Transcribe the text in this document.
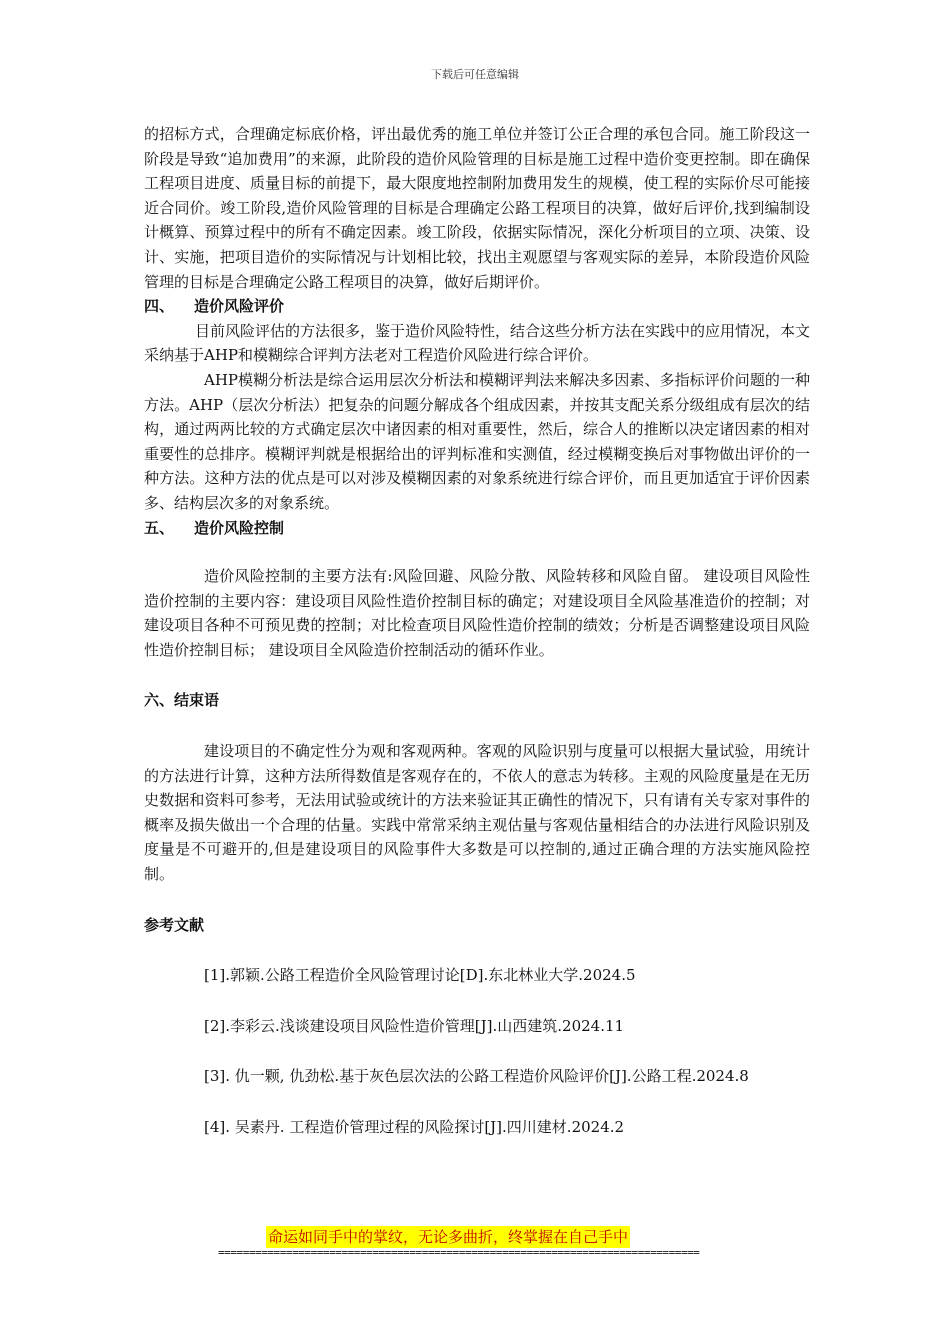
下载后可任意编辑

的招标方式，合理确定标底价格，评出最优秀的施工单位并签订公正合理的承包合同。施工阶段这一阶段是导致“追加费用”的来源，此阶段的造价风险管理的目标是施工过程中造价变更控制。即在确保工程项目进度、质量目标的前提下，最大限度地控制附加费用发生的规模，使工程的实际价尽可能接近合同价。竣工阶段,造价风险管理的目标是合理确定公路工程项目的决算，做好后评价,找到编制设计概算、预算过程中的所有不确定因素。竣工阶段，依据实际情况，深化分析项目的立项、决策、设计、实施，把项目造价的实际情况与计划相比较，找出主观愿望与客观实际的差异，本阶段造价风险管理的目标是合理确定公路工程项目的决算，做好后期评价。

四、 造价风险评价

目前风险评估的方法很多，鉴于造价风险特性，结合这些分析方法在实践中的应用情况，本文采纳基于AHP和模糊综合评判方法老对工程造价风险进行综合评价。

AHP模糊分析法是综合运用层次分析法和模糊评判法来解决多因素、多指标评价问题的一种方法。AHP（层次分析法）把复杂的问题分解成各个组成因素，并按其支配关系分级组成有层次的结构，通过两两比较的方式确定层次中诸因素的相对重要性，然后，综合人的推断以决定诸因素的相对重要性的总排序。模糊评判就是根据给出的评判标准和实测值，经过模糊变换后对事物做出评价的一种方法。这种方法的优点是可以对涉及模糊因素的对象系统进行综合评价，而且更加适宜于评价因素多、结构层次多的对象系统。

五、 造价风险控制

造价风险控制的主要方法有:风险回避、风险分散、风险转移和风险自留。 建设项目风险性造价控制的主要内容：建设项目风险性造价控制目标的确定；对建设项目全风险基准造价的控制；对建设项目各种不可预见费的控制；对比检查项目风险性造价控制的绩效；分析是否调整建设项目风险性造价控制目标； 建设项目全风险造价控制活动的循环作业。

六、结束语

建设项目的不确定性分为观和客观两种。客观的风险识别与度量可以根据大量试验，用统计的方法进行计算，这种方法所得数值是客观存在的，不依人的意志为转移。主观的风险度量是在无历史数据和资料可参考，无法用试验或统计的方法来验证其正确性的情况下，只有请有关专家对事件的概率及损失做出一个合理的估量。实践中常常采纳主观估量与客观估量相结合的办法进行风险识别及度量是不可避开的,但是建设项目的风险事件大多数是可以控制的,通过正确合理的方法实施风险控制。

参考文献

[1].郭颖.公路工程造价全风险管理讨论[D].东北林业大学.2024.5

[2].李彩云.浅谈建设项目风险性造价管理[J].山西建筑.2024.11

[3]. 仇一颗, 仇劲松.基于灰色层次法的公路工程造价风险评价[J].公路工程.2024.8

[4]. 吴素丹. 工程造价管理过程的风险探讨[J].四川建材.2024.2

命运如同手中的掌纹，无论多曲折，终掌握在自己手中
==============================================================================
